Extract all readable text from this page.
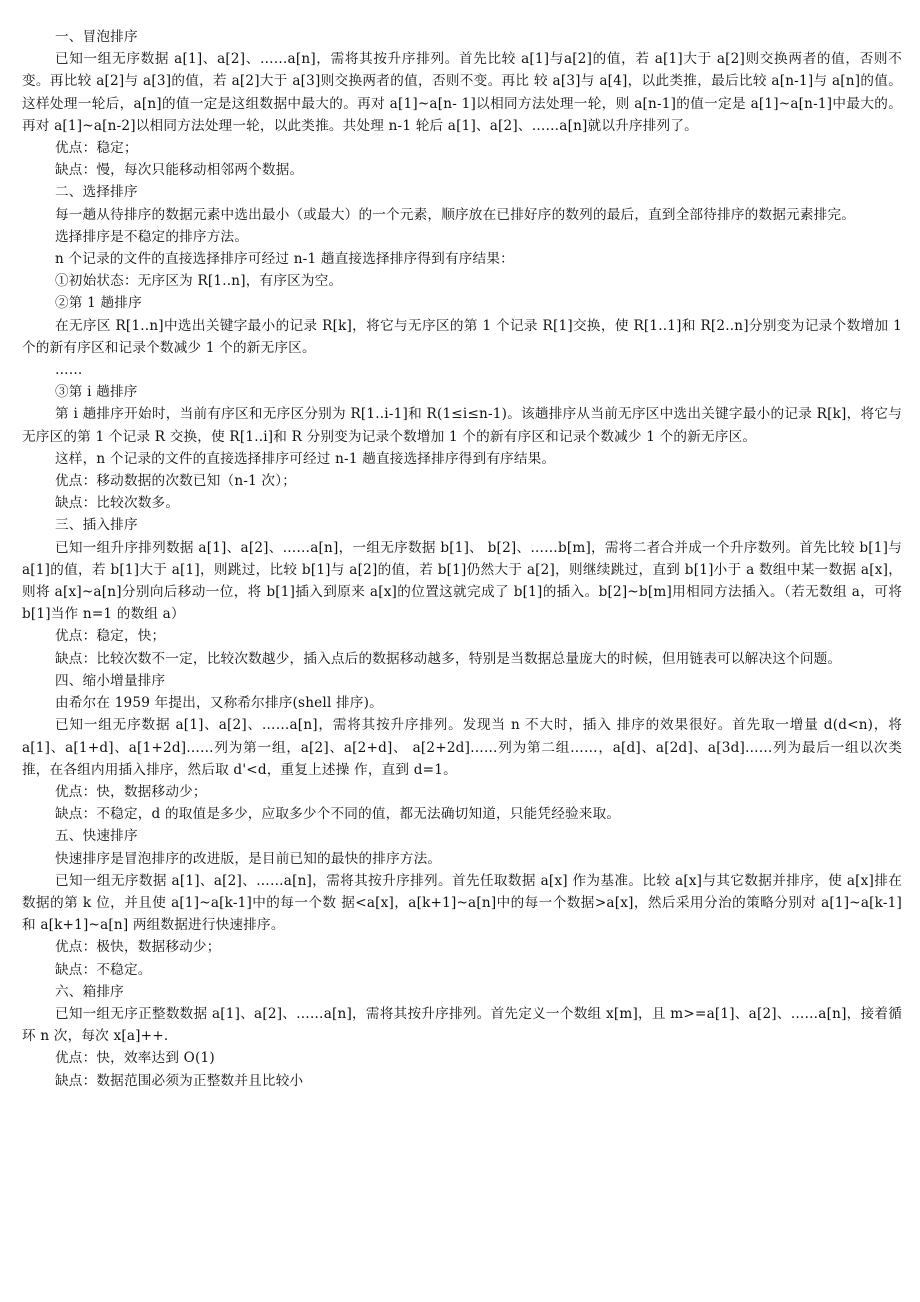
一、冒泡排序

已知一组无序数据 a[1]、a[2]、……a[n]，需将其按升序排列。首先比较 a[1]与a[2]的值，若 a[1]大于 a[2]则交换两者的值，否则不变。再比较 a[2]与 a[3]的值，若 a[2]大于 a[3]则交换两者的值，否则不变。再比 较 a[3]与 a[4]，以此类推，最后比较 a[n-1]与 a[n]的值。这样处理一轮后，a[n]的值一定是这组数据中最大的。再对 a[1]~a[n- 1]以相同方法处理一轮，则 a[n-1]的值一定是 a[1]~a[n-1]中最大的。再对 a[1]~a[n-2]以相同方法处理一轮，以此类推。共处理 n-1 轮后 a[1]、a[2]、……a[n]就以升序排列了。

优点：稳定；

缺点：慢，每次只能移动相邻两个数据。

二、选择排序

每一趟从待排序的数据元素中选出最小（或最大）的一个元素，顺序放在已排好序的数列的最后，直到全部待排序的数据元素排完。

选择排序是不稳定的排序方法。

n 个记录的文件的直接选择排序可经过 n-1 趟直接选择排序得到有序结果：

①初始状态：无序区为 R[1..n]，有序区为空。

②第 1 趟排序

在无序区 R[1..n]中选出关键字最小的记录 R[k]，将它与无序区的第 1 个记录 R[1]交换，使 R[1..1]和 R[2..n]分别变为记录个数增加 1 个的新有序区和记录个数减少 1 个的新无序区。

……

③第 i 趟排序

第 i 趟排序开始时，当前有序区和无序区分别为 R[1..i-1]和 R(1≤i≤n-1)。该趟排序从当前无序区中选出关键字最小的记录 R[k]，将它与无序区的第 1 个记录 R 交换，使 R[1..i]和 R 分别变为记录个数增加 1 个的新有序区和记录个数减少 1 个的新无序区。

这样，n 个记录的文件的直接选择排序可经过 n-1 趟直接选择排序得到有序结果。

优点：移动数据的次数已知（n-1 次）；

缺点：比较次数多。

三、插入排序

已知一组升序排列数据 a[1]、a[2]、……a[n]，一组无序数据 b[1]、 b[2]、……b[m]，需将二者合并成一个升序数列。首先比较 b[1]与 a[1]的值，若 b[1]大于 a[1]，则跳过，比较 b[1]与 a[2]的值，若 b[1]仍然大于 a[2]，则继续跳过，直到 b[1]小于 a 数组中某一数据 a[x]，则将 a[x]~a[n]分别向后移动一位，将 b[1]插入到原来 a[x]的位置这就完成了 b[1]的插入。b[2]~b[m]用相同方法插入。（若无数组 a，可将 b[1]当作 n=1 的数组 a）

优点：稳定，快；

缺点：比较次数不一定，比较次数越少，插入点后的数据移动越多，特别是当数据总量庞大的时候，但用链表可以解决这个问题。

四、缩小增量排序

由希尔在 1959 年提出，又称希尔排序(shell 排序)。

已知一组无序数据 a[1]、a[2]、……a[n]，需将其按升序排列。发现当 n 不大时，插入 排序的效果很好。首先取一增量 d(d<n)，将 a[1]、a[1+d]、a[1+2d]……列为第一组，a[2]、a[2+d]、 a[2+2d]……列为第二组……，a[d]、a[2d]、a[3d]……列为最后一组以次类推，在各组内用插入排序，然后取 d'<d，重复上述操 作，直到 d=1。

优点：快，数据移动少；

缺点：不稳定，d 的取值是多少，应取多少个不同的值，都无法确切知道，只能凭经验来取。

五、快速排序

快速排序是冒泡排序的改进版，是目前已知的最快的排序方法。

已知一组无序数据 a[1]、a[2]、……a[n]，需将其按升序排列。首先任取数据 a[x] 作为基准。比较 a[x]与其它数据并排序，使 a[x]排在数据的第 k 位，并且使 a[1]~a[k-1]中的每一个数 据<a[x]，a[k+1]~a[n]中的每一个数据>a[x]，然后采用分治的策略分别对 a[1]~a[k-1]和 a[k+1]~a[n] 两组数据进行快速排序。

优点：极快，数据移动少；

缺点：不稳定。

六、箱排序

已知一组无序正整数数据 a[1]、a[2]、……a[n]，需将其按升序排列。首先定义一个数组 x[m]，且 m>=a[1]、a[2]、……a[n]，接着循环 n 次，每次 x[a]++.

优点：快，效率达到 O(1)

缺点：数据范围必须为正整数并且比较小
